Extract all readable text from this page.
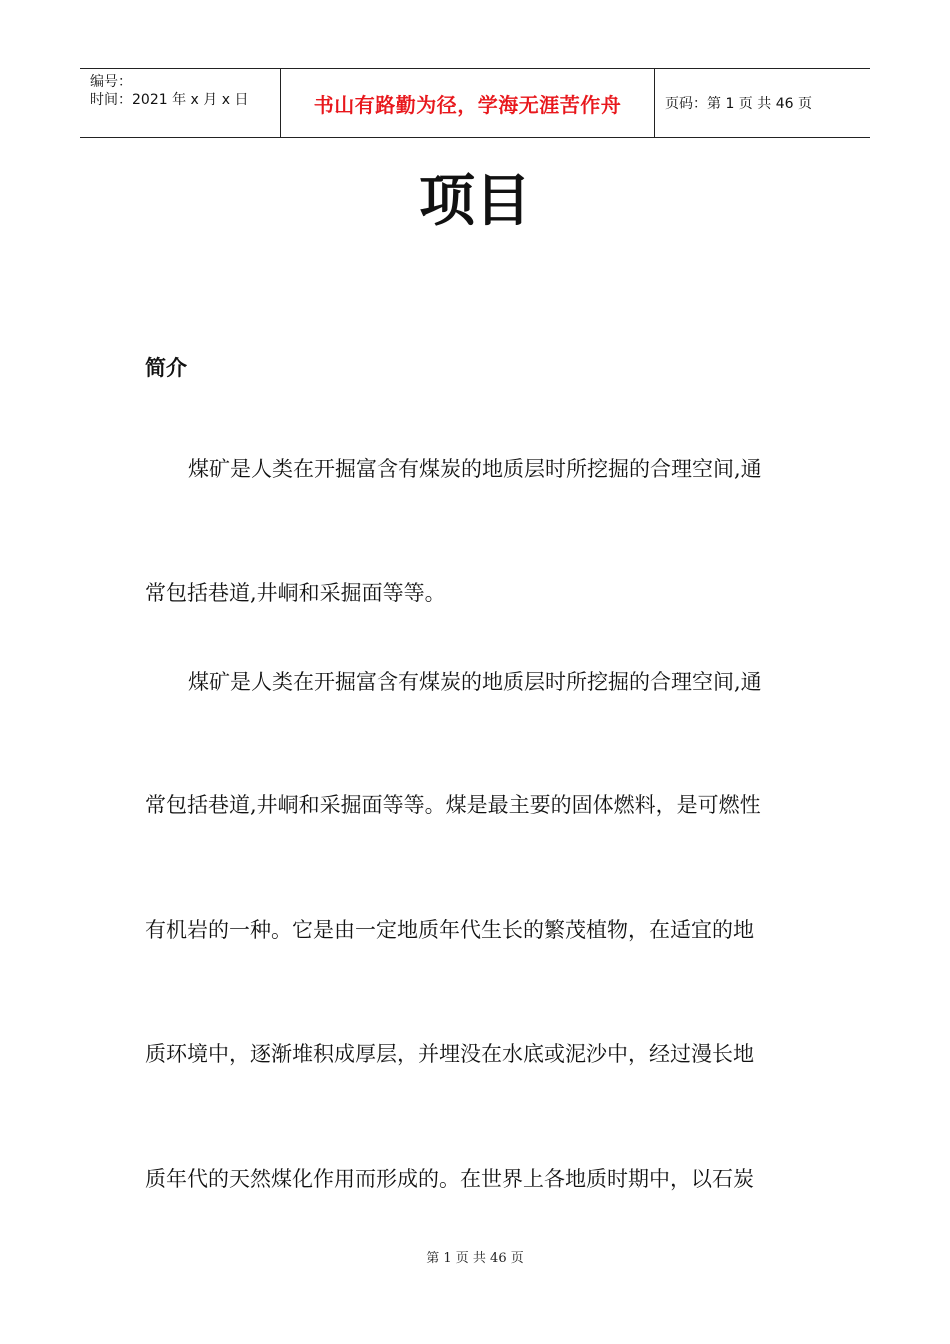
编号：
时间：2021 年 x 月 x 日	书山有路勤为径，学海无涯苦作舟	页码：第 1 页 共 46 页
项目
简介
煤矿是人类在开掘富含有煤炭的地质层时所挖掘的合理空间,通
常包括巷道,井峒和采掘面等等。
煤矿是人类在开掘富含有煤炭的地质层时所挖掘的合理空间,通
常包括巷道,井峒和采掘面等等。煤是最主要的固体燃料，是可燃性
有机岩的一种。它是由一定地质年代生长的繁茂植物，在适宜的地
质环境中，逐渐堆积成厚层，并埋没在水底或泥沙中，经过漫长地
质年代的天然煤化作用而形成的。在世界上各地质时期中，以石炭
第 1 页 共 46 页
